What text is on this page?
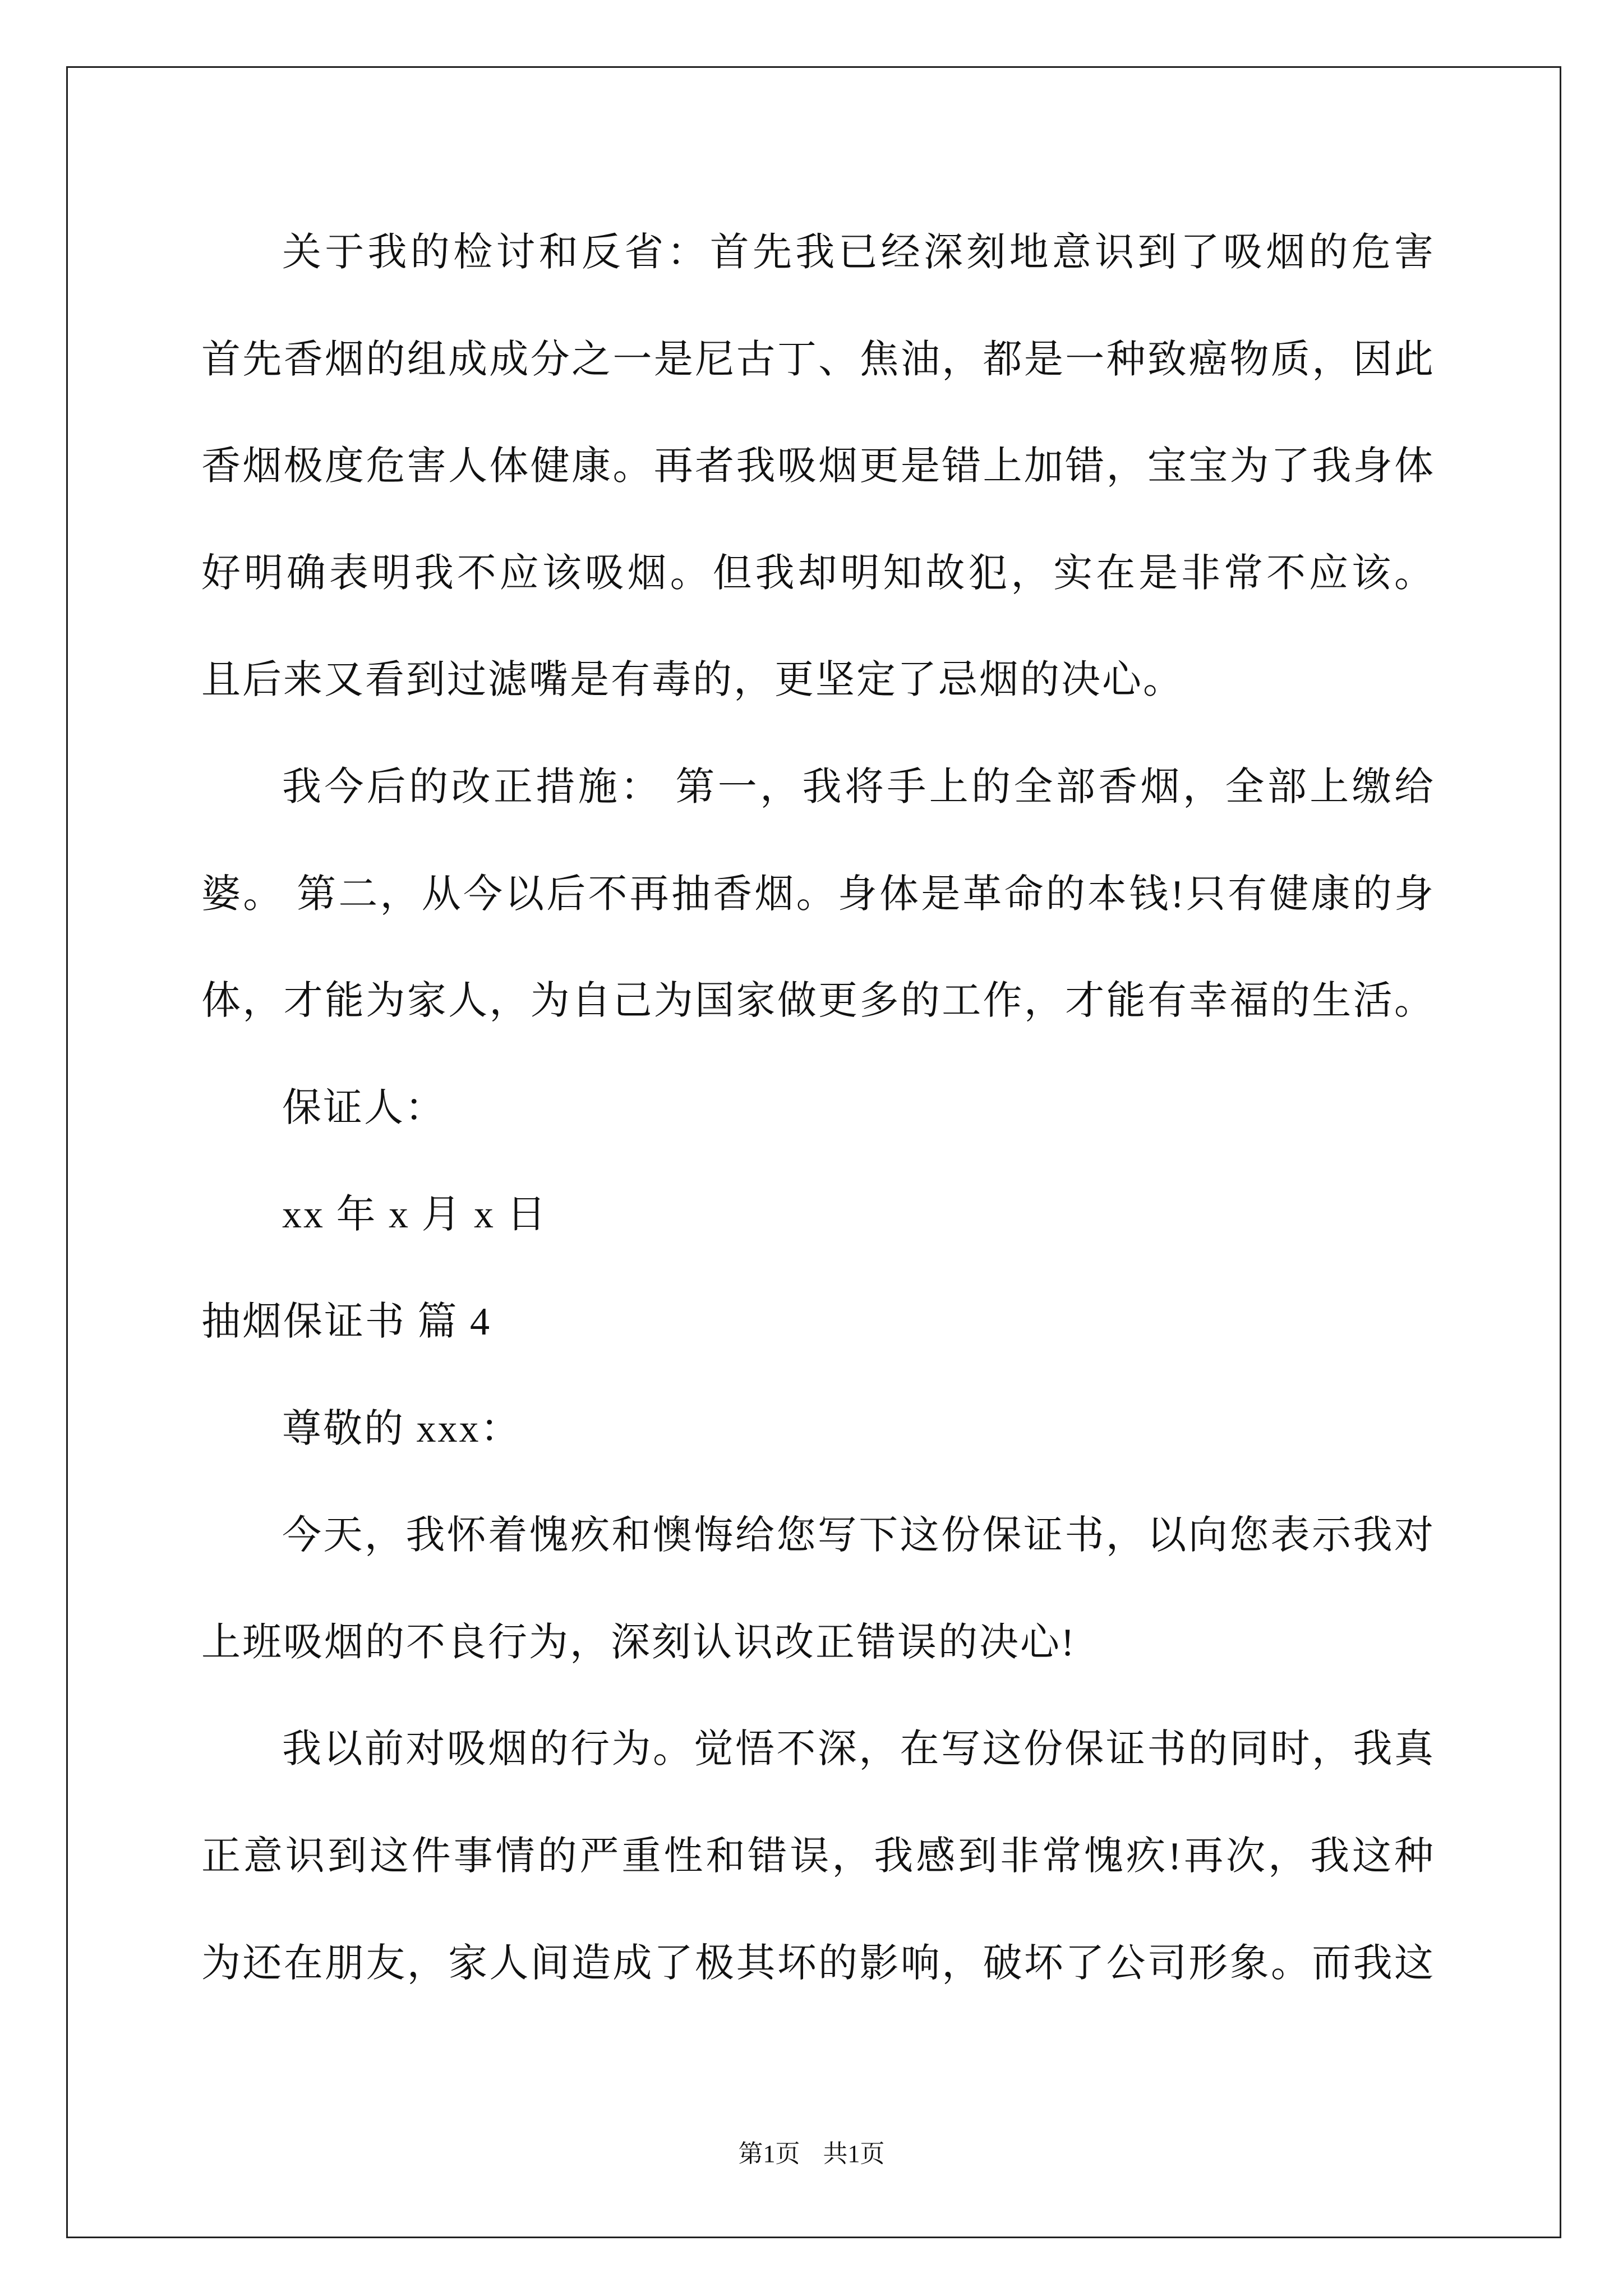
关于我的检讨和反省：首先我已经深刻地意识到了吸烟的危害
首先香烟的组成成分之一是尼古丁、焦油，都是一种致癌物质，因此
香烟极度危害人体健康。再者我吸烟更是错上加错，宝宝为了我身体
好明确表明我不应该吸烟。但我却明知故犯，实在是非常不应该。
且后来又看到过滤嘴是有毒的，更坚定了忌烟的决心。
我今后的改正措施： 第一，我将手上的全部香烟，全部上缴给
婆。 第二，从今以后不再抽香烟。身体是革命的本钱!只有健康的身
体，才能为家人，为自己为国家做更多的工作，才能有幸福的生活。
保证人：
xx 年 x 月 x 日
抽烟保证书 篇 4
尊敬的 xxx：
今天，我怀着愧疚和懊悔给您写下这份保证书，以向您表示我对
上班吸烟的不良行为，深刻认识改正错误的决心!
我以前对吸烟的行为。觉悟不深，在写这份保证书的同时，我真
正意识到这件事情的严重性和错误，我感到非常愧疚!再次，我这种
为还在朋友，家人间造成了极其坏的影响，破坏了公司形象。而我这
第1页 共1页
